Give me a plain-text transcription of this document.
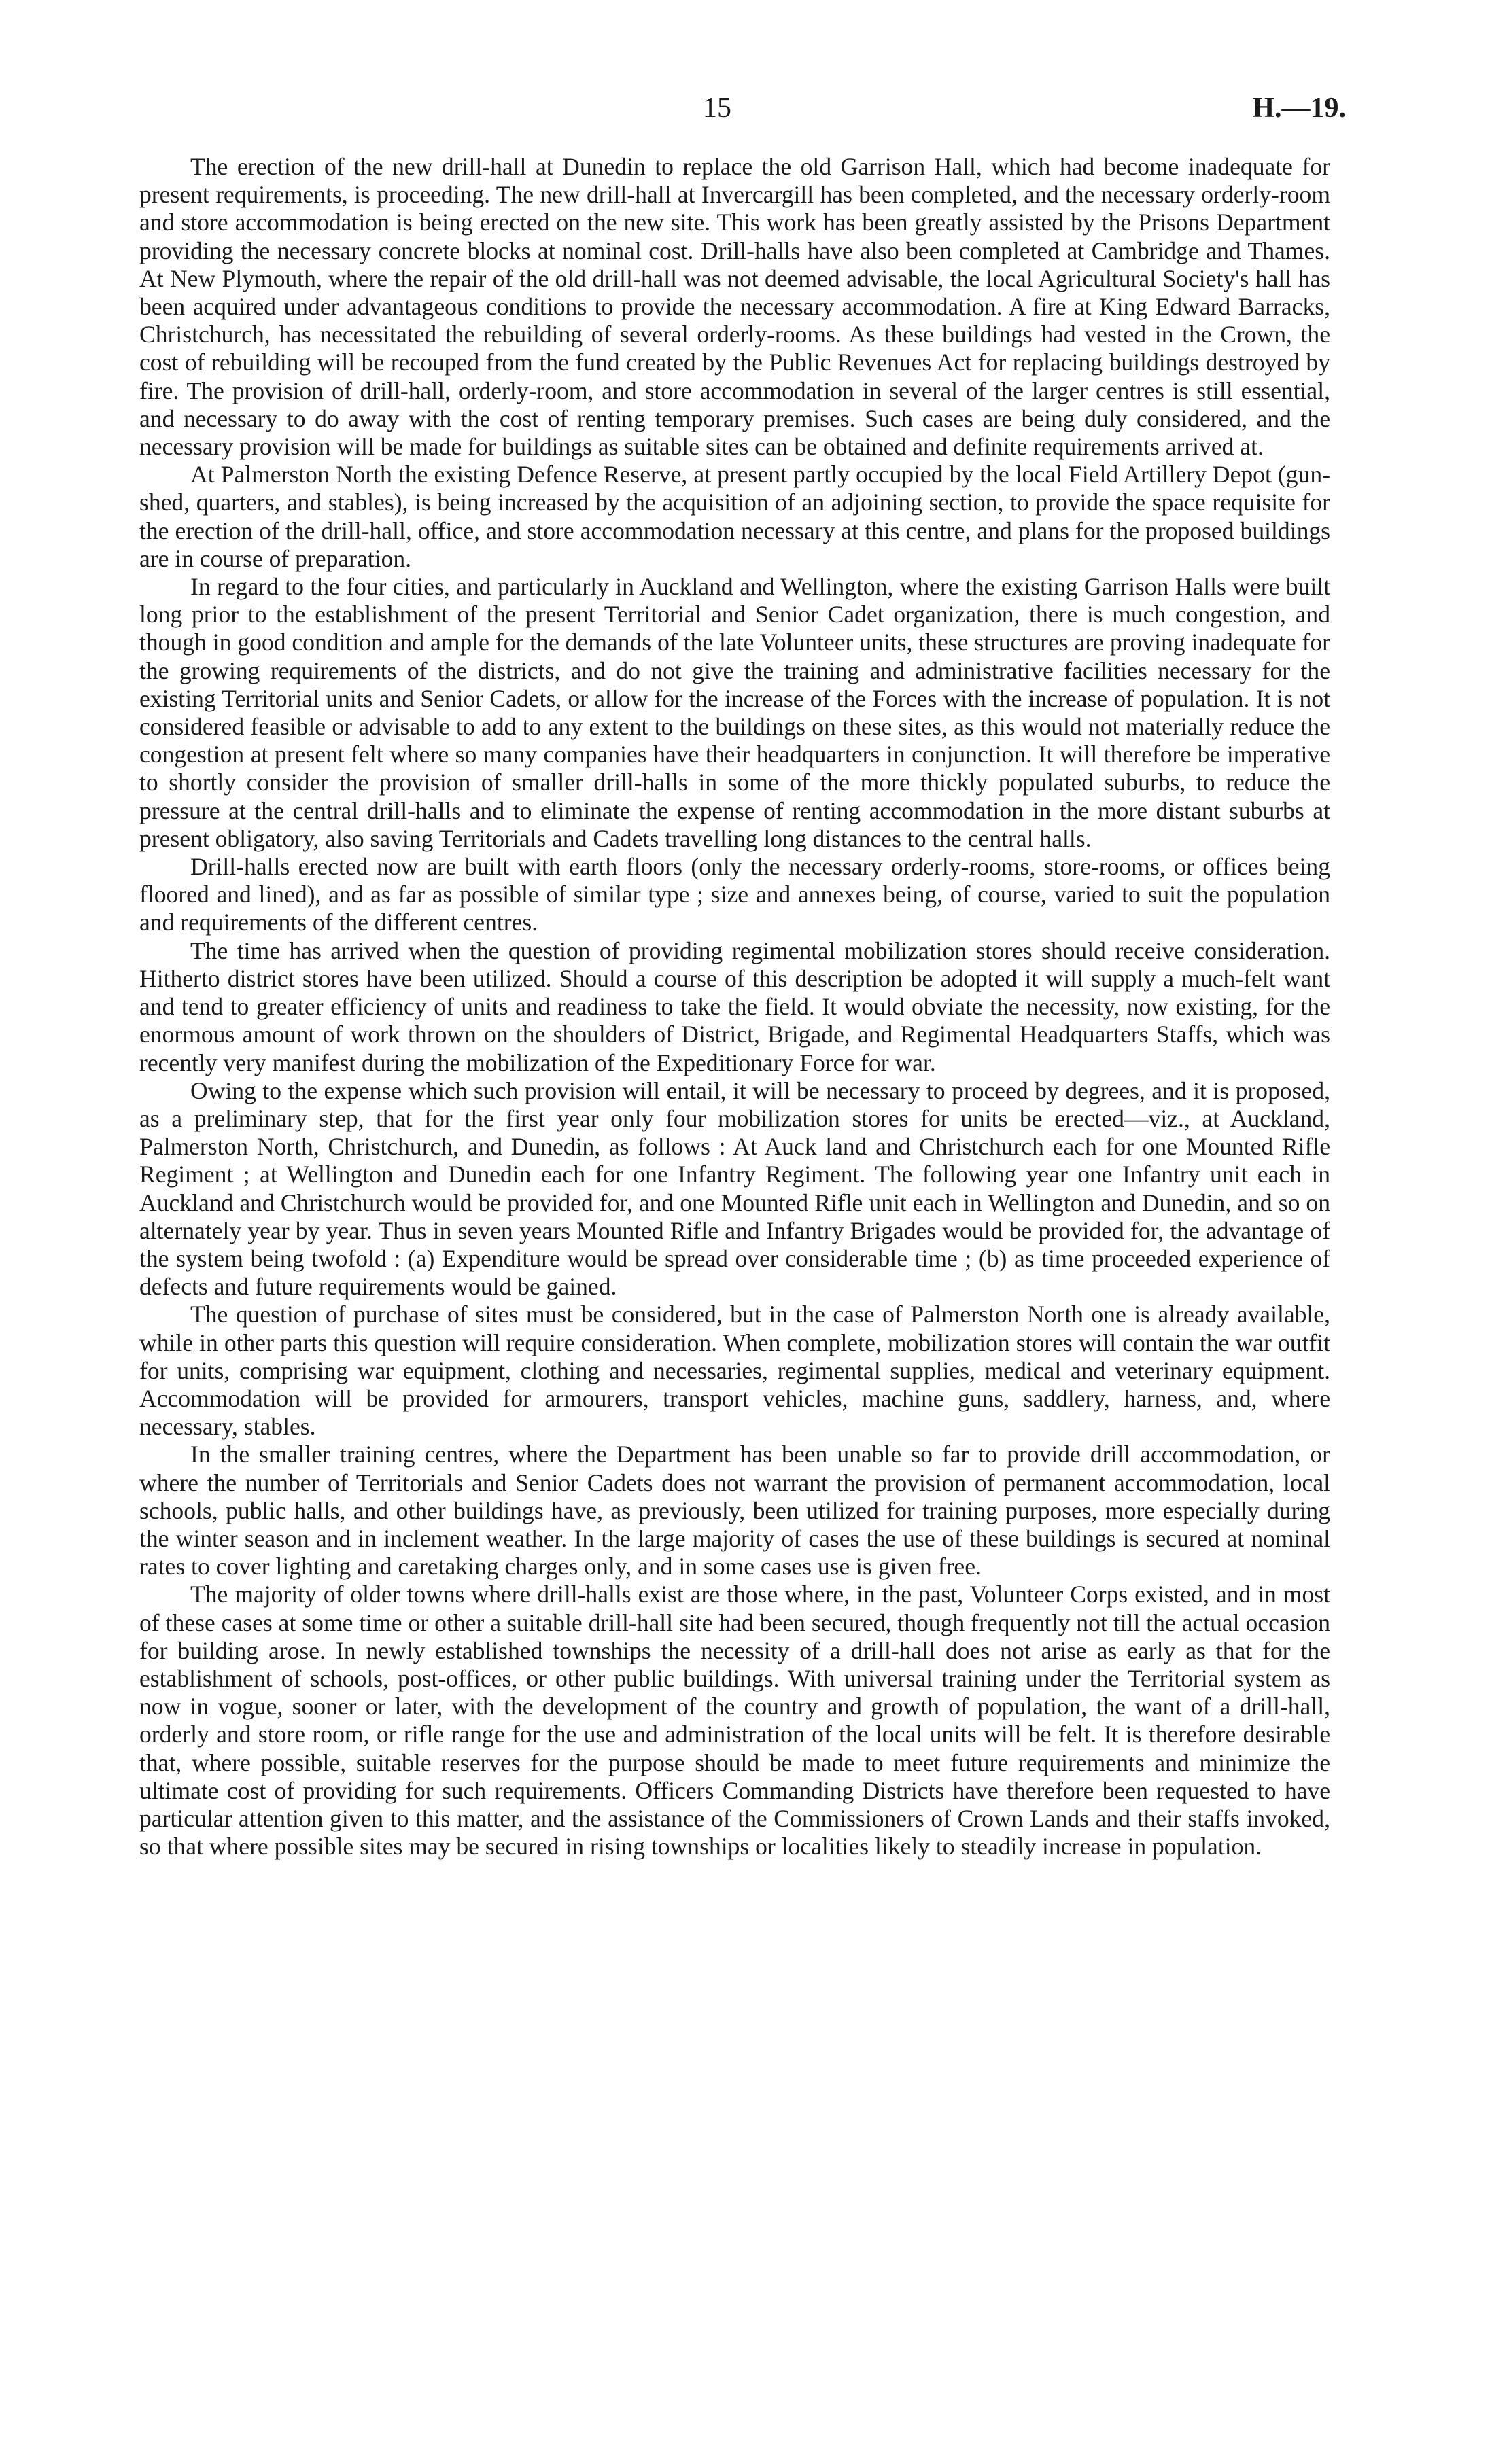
15	H.—19.

The erection of the new drill-hall at Dunedin to replace the old Garrison Hall, which had become inadequate for present requirements, is proceeding. The new drill-hall at Invercargill has been completed, and the necessary orderly-room and store accommodation is being erected on the new site. This work has been greatly assisted by the Prisons Department providing the necessary concrete blocks at nominal cost. Drill-halls have also been completed at Cambridge and Thames. At New Plymouth, where the repair of the old drill-hall was not deemed advisable, the local Agricultural Society's hall has been acquired under advantageous conditions to provide the necessary accommodation. A fire at King Edward Barracks, Christchurch, has necessitated the rebuilding of several orderly-rooms. As these buildings had vested in the Crown, the cost of rebuilding will be recouped from the fund created by the Public Revenues Act for replacing buildings destroyed by fire. The provision of drill-hall, orderly-room, and store accommodation in several of the larger centres is still essential, and necessary to do away with the cost of renting temporary premises. Such cases are being duly considered, and the necessary provision will be made for buildings as suitable sites can be obtained and definite requirements arrived at.

At Palmerston North the existing Defence Reserve, at present partly occupied by the local Field Artillery Depot (gun-shed, quarters, and stables), is being increased by the acquisition of an adjoining section, to provide the space requisite for the erection of the drill-hall, office, and store accommodation necessary at this centre, and plans for the proposed buildings are in course of preparation.

In regard to the four cities, and particularly in Auckland and Wellington, where the existing Garrison Halls were built long prior to the establishment of the present Territorial and Senior Cadet organization, there is much congestion, and though in good condition and ample for the demands of the late Volunteer units, these structures are proving inadequate for the growing requirements of the districts, and do not give the training and administrative facilities necessary for the existing Territorial units and Senior Cadets, or allow for the increase of the Forces with the increase of population. It is not considered feasible or advisable to add to any extent to the buildings on these sites, as this would not materially reduce the congestion at present felt where so many companies have their headquarters in conjunction. It will therefore be imperative to shortly consider the provision of smaller drill-halls in some of the more thickly populated suburbs, to reduce the pressure at the central drill-halls and to eliminate the expense of renting accommodation in the more distant suburbs at present obligatory, also saving Territorials and Cadets travelling long distances to the central halls.

Drill-halls erected now are built with earth floors (only the necessary orderly-rooms, store-rooms, or offices being floored and lined), and as far as possible of similar type ; size and annexes being, of course, varied to suit the population and requirements of the different centres.

The time has arrived when the question of providing regimental mobilization stores should receive consideration. Hitherto district stores have been utilized. Should a course of this description be adopted it will supply a much-felt want and tend to greater efficiency of units and readiness to take the field. It would obviate the necessity, now existing, for the enormous amount of work thrown on the shoulders of District, Brigade, and Regimental Headquarters Staffs, which was recently very manifest during the mobilization of the Expeditionary Force for war.

Owing to the expense which such provision will entail, it will be necessary to proceed by degrees, and it is proposed, as a preliminary step, that for the first year only four mobilization stores for units be erected—viz., at Auckland, Palmerston North, Christchurch, and Dunedin, as follows : At Auck land and Christchurch each for one Mounted Rifle Regiment ; at Wellington and Dunedin each for one Infantry Regiment. The following year one Infantry unit each in Auckland and Christchurch would be provided for, and one Mounted Rifle unit each in Wellington and Dunedin, and so on alternately year by year. Thus in seven years Mounted Rifle and Infantry Brigades would be provided for, the advantage of the system being twofold : (a) Expenditure would be spread over considerable time ; (b) as time proceeded experience of defects and future requirements would be gained.

The question of purchase of sites must be considered, but in the case of Palmerston North one is already available, while in other parts this question will require consideration. When complete, mobilization stores will contain the war outfit for units, comprising war equipment, clothing and necessaries, regimental supplies, medical and veterinary equipment. Accommodation will be provided for armourers, transport vehicles, machine guns, saddlery, harness, and, where necessary, stables.

In the smaller training centres, where the Department has been unable so far to provide drill accommodation, or where the number of Territorials and Senior Cadets does not warrant the provision of permanent accommodation, local schools, public halls, and other buildings have, as previously, been utilized for training purposes, more especially during the winter season and in inclement weather. In the large majority of cases the use of these buildings is secured at nominal rates to cover lighting and caretaking charges only, and in some cases use is given free.

The majority of older towns where drill-halls exist are those where, in the past, Volunteer Corps existed, and in most of these cases at some time or other a suitable drill-hall site had been secured, though frequently not till the actual occasion for building arose. In newly established townships the necessity of a drill-hall does not arise as early as that for the establishment of schools, post-offices, or other public buildings. With universal training under the Territorial system as now in vogue, sooner or later, with the development of the country and growth of population, the want of a drill-hall, orderly and store room, or rifle range for the use and administration of the local units will be felt. It is therefore desirable that, where possible, suitable reserves for the purpose should be made to meet future requirements and minimize the ultimate cost of providing for such requirements. Officers Commanding Districts have therefore been requested to have particular attention given to this matter, and the assistance of the Commissioners of Crown Lands and their staffs invoked, so that where possible sites may be secured in rising townships or localities likely to steadily increase in population.
